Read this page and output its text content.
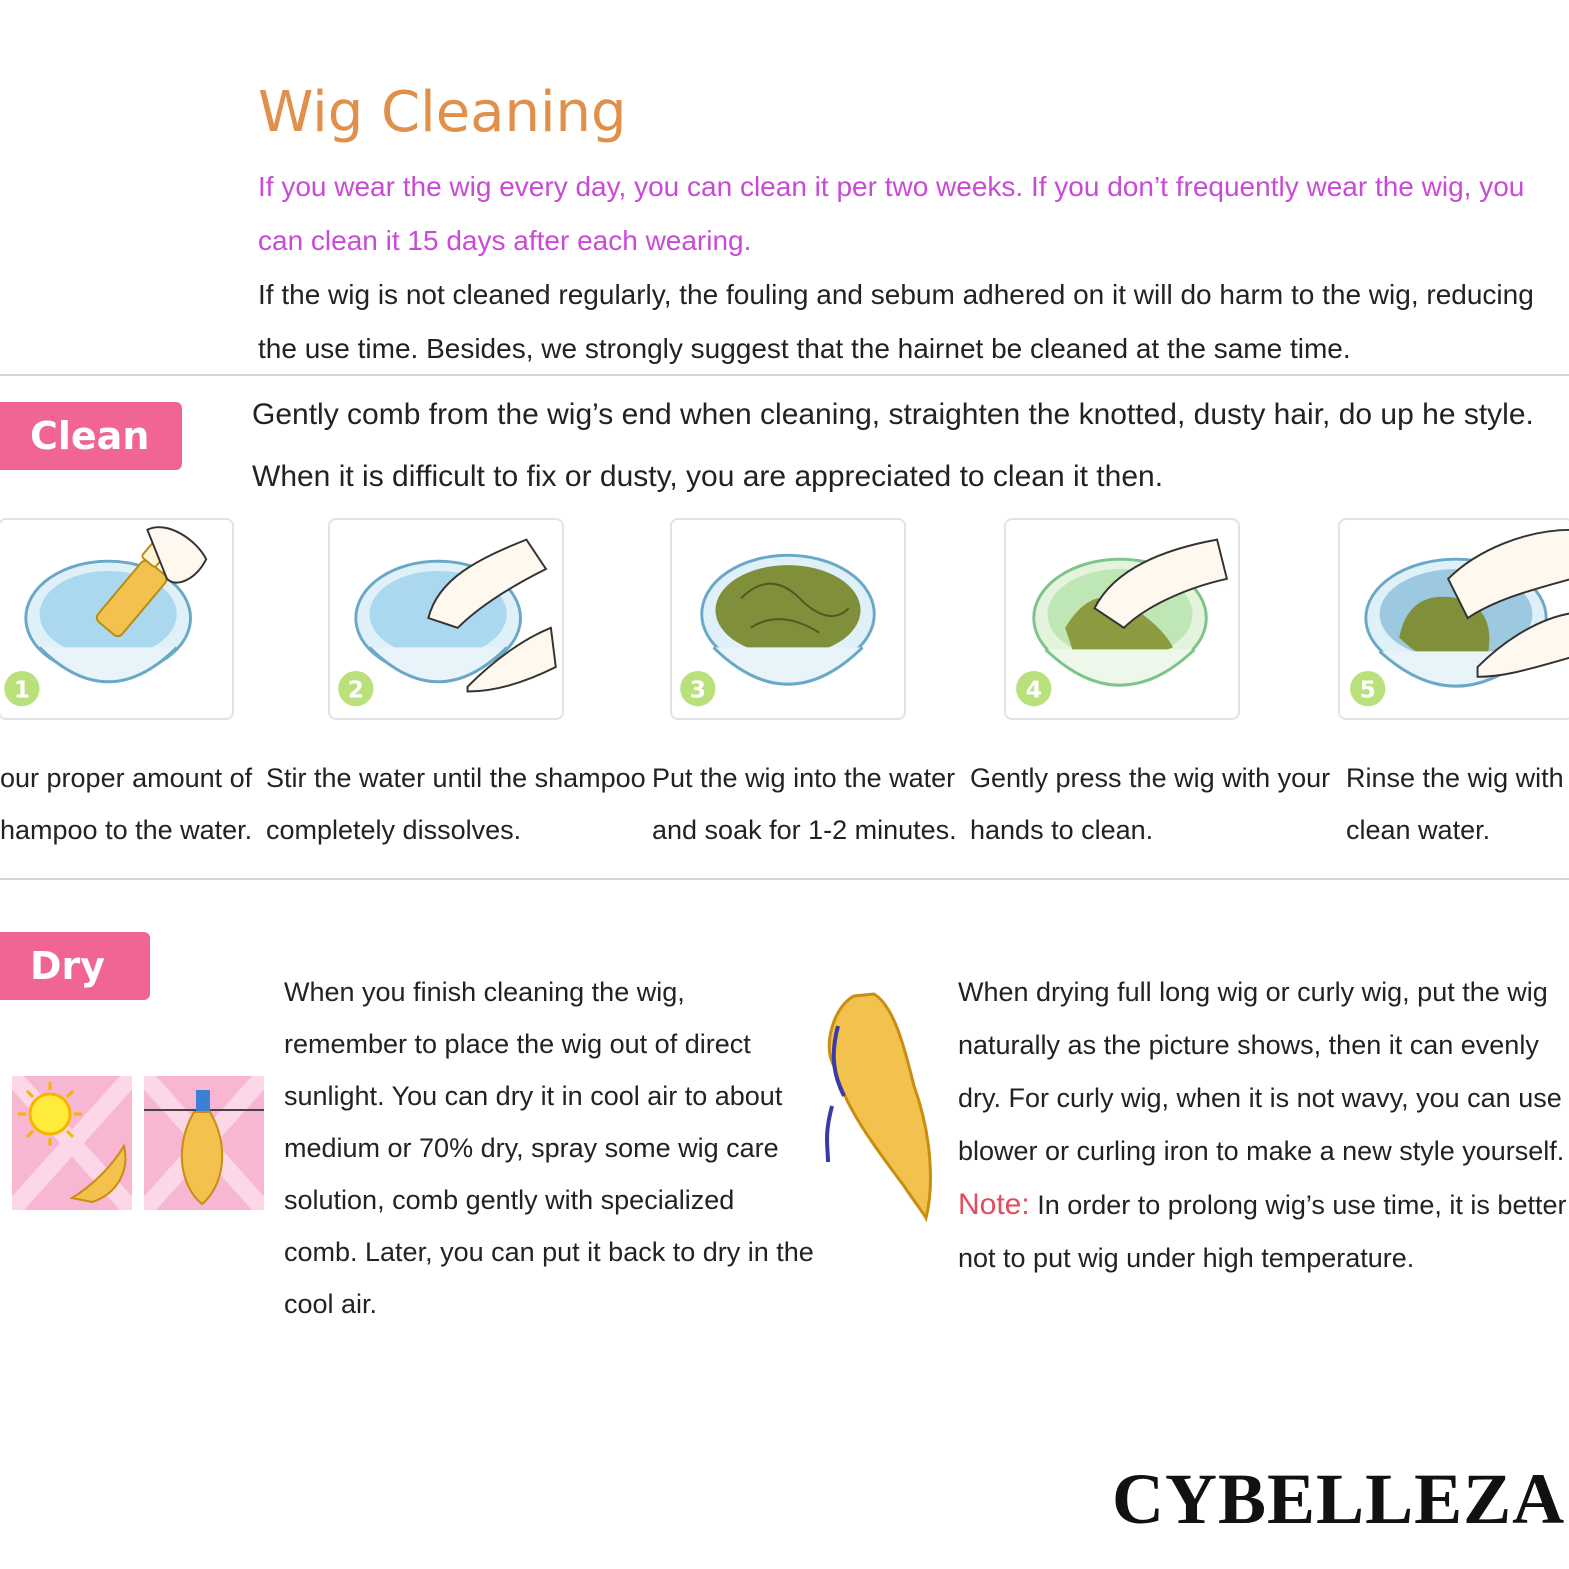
Wig Cleaning
If you wear the wig every day, you can clean it per two weeks. If you don’t frequently wear the wig, you can clean it 15 days after each wearing.
If the wig is not cleaned regularly, the fouling and sebum adhered on it will do harm to the wig, reducing the use time. Besides, we strongly suggest that the hairnet be cleaned at the same time.
Clean	Gently comb from the wig’s end when cleaning, straighten the knotted, dusty hair, do up he style. When it is difficult to fix or dusty, you are appreciated to clean it then.
1	2	3	4	5
our proper amount of
hampoo to the water.
Stir the water until the shampoo
completely dissolves.
Put the wig into the water
and soak for 1-2 minutes.
Gently press the wig with your
hands to clean.
Rinse the wig with
clean water.
Dry
When you finish cleaning the wig, remember to place the wig out of direct sunlight. You can dry it in cool air to about medium or 70% dry, spray some wig care solution, comb gently with specialized comb. Later, you can put it back to dry in the cool air.
When drying full long wig or curly wig, put the wig naturally as the picture shows, then it can evenly dry. For curly wig, when it is not wavy, you can use blower or curling iron to make a new style yourself.
Note: In order to prolong wig’s use time, it is better not to put wig under high temperature.
CYBELLEZA
